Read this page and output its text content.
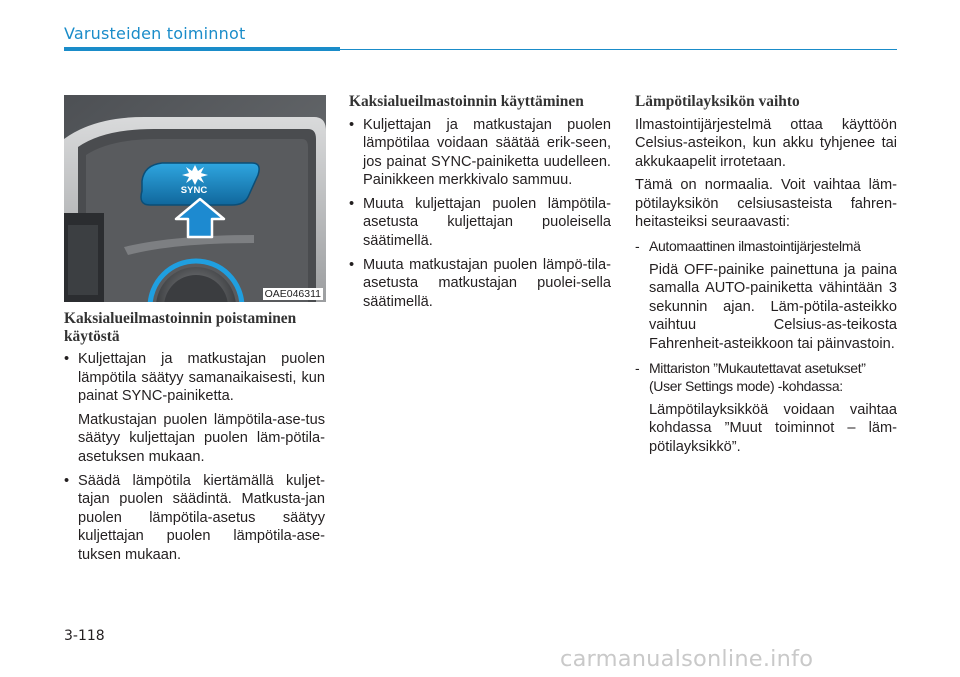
Varusteiden toiminnot
SYNC
OAE046311
Kaksialueilmastoinnin poistaminen käytöstä
• Kuljettajan ja matkustajan puolen lämpötila säätyy samanaikaisesti, kun painat SYNC-painiketta.
Matkustajan puolen lämpötila-ase-tus säätyy kuljettajan puolen läm-pötila-asetuksen mukaan.
• Säädä lämpötila kiertämällä kuljet-tajan puolen säädintä. Matkusta-jan puolen lämpötila-asetus säätyy kuljettajan puolen lämpötila-ase-tuksen mukaan.
Kaksialueilmastoinnin käyttäminen
• Kuljettajan ja matkustajan puolen lämpötilaa voidaan säätää erik-seen, jos painat SYNC-painiketta uudelleen. Painikkeen merkkivalo sammuu.
• Muuta kuljettajan puolen lämpötila-asetusta kuljettajan puoleisella säätimellä.
• Muuta matkustajan puolen lämpö-tila-asetusta matkustajan puolei-sella säätimellä.
Lämpötilayksikön vaihto
Ilmastointijärjestelmä ottaa käyttöön Celsius-asteikon, kun akku tyhjenee tai akkukaapelit irrotetaan.
Tämä on normaalia. Voit vaihtaa läm-pötilayksikön celsiusasteista fahren-heitasteiksi seuraavasti:
- Automaattinen ilmastointijärjestelmä
Pidä OFF-painike painettuna ja paina samalla AUTO-painiketta vähintään 3 sekunnin ajan. Läm-pötila-asteikko vaihtuu Celsius-as-teikosta Fahrenheit-asteikkoon tai päinvastoin.
- Mittariston ”Mukautettavat asetukset” (User Settings mode) -kohdassa:
Lämpötilayksikköä voidaan vaihtaa kohdassa ”Muut toiminnot – läm-pötilayksikkö”.
3-118
carmanualsonline.info
